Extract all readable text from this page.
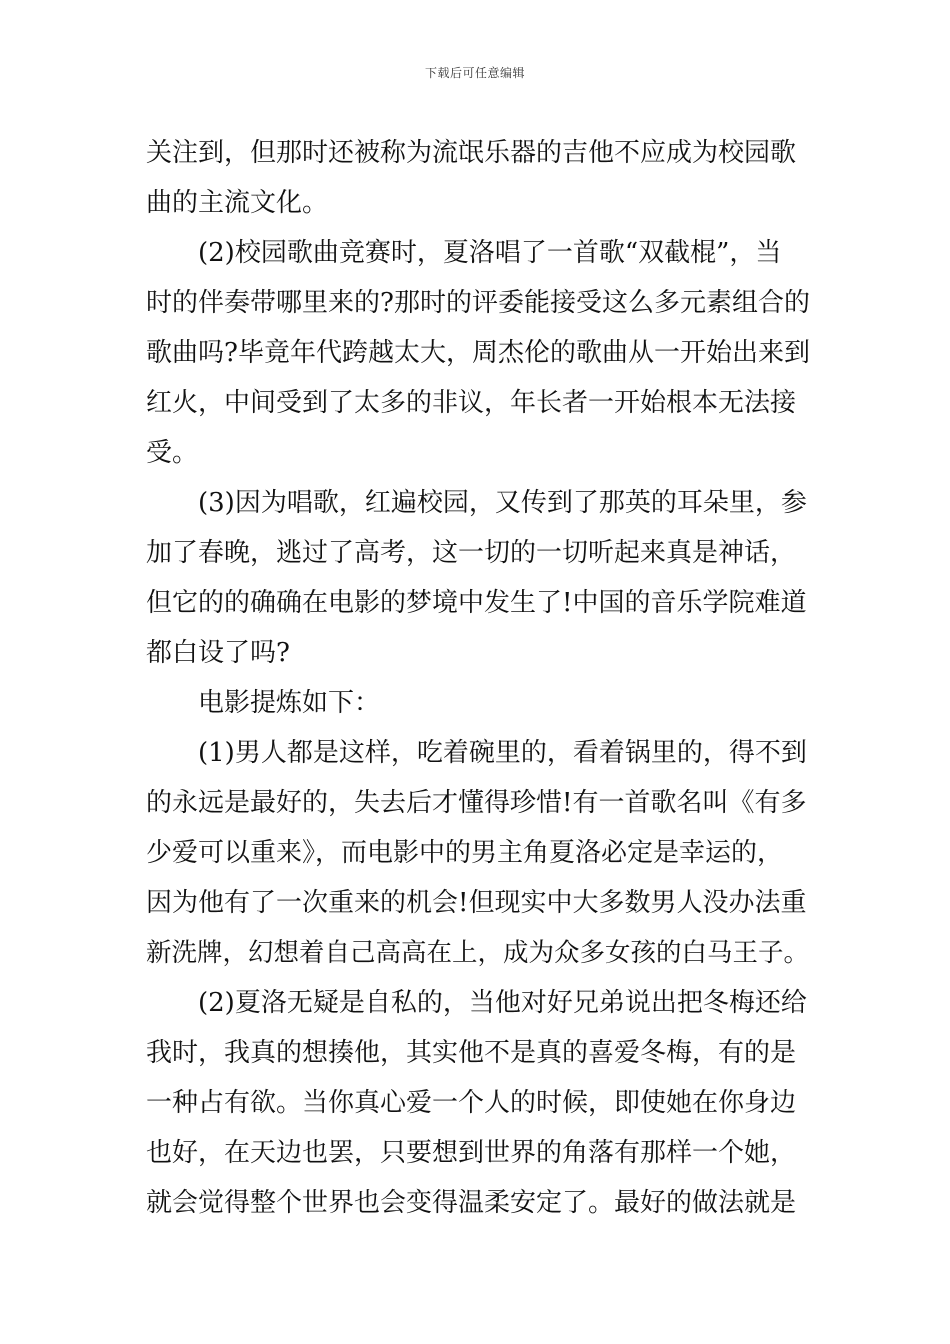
下载后可任意编辑
关注到，但那时还被称为流氓乐器的吉他不应成为校园歌
曲的主流文化。
(2)校园歌曲竞赛时，夏洛唱了一首歌“双截棍”，当
时的伴奏带哪里来的?那时的评委能接受这么多元素组合的
歌曲吗?毕竟年代跨越太大，周杰伦的歌曲从一开始出来到
红火，中间受到了太多的非议，年长者一开始根本无法接
受。
(3)因为唱歌，红遍校园，又传到了那英的耳朵里，参
加了春晚，逃过了高考，这一切的一切听起来真是神话，
但它的的确确在电影的梦境中发生了!中国的音乐学院难道
都白设了吗?
电影提炼如下：
(1)男人都是这样，吃着碗里的，看着锅里的，得不到
的永远是最好的，失去后才懂得珍惜!有一首歌名叫《有多
少爱可以重来》，而电影中的男主角夏洛必定是幸运的，
因为他有了一次重来的机会!但现实中大多数男人没办法重
新洗牌，幻想着自己高高在上，成为众多女孩的白马王子。
(2)夏洛无疑是自私的，当他对好兄弟说出把冬梅还给
我时，我真的想揍他，其实他不是真的喜爱冬梅，有的是
一种占有欲。当你真心爱一个人的时候，即使她在你身边
也好，在天边也罢，只要想到世界的角落有那样一个她，
就会觉得整个世界也会变得温柔安定了。最好的做法就是
